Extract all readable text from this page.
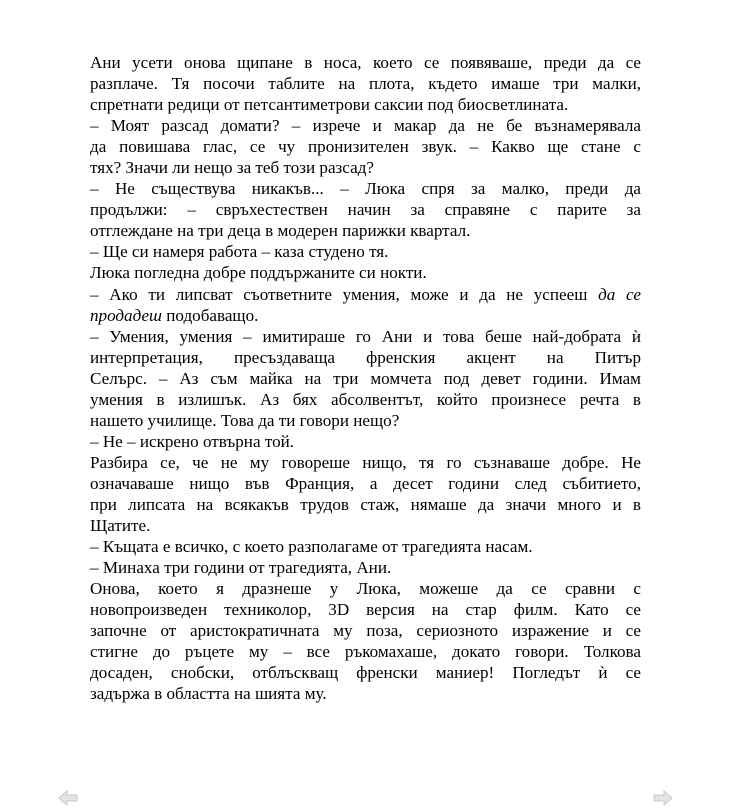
Ани усети онова щипане в носа, което се появяваше, преди да се
разплаче. Тя посочи таблите на плота, където имаше три малки,
спретнати редици от петсантиметрови саксии под биосветлината.
– Моят разсад домати? – изрече и макар да не бе възнамерявала
да повишава глас, се чу пронизителен звук. – Какво ще стане с
тях? Значи ли нещо за теб този разсад?
– Не съществува никакъв... – Люка спря за малко, преди да
продължи: – свръхестествен начин за справяне с парите за
отглеждане на три деца в модерен парижки квартал.
– Ще си намеря работа – каза студено тя.
Люка погледна добре поддържаните си нокти.
– Ако ти липсват съответните умения, може и да не успееш да се
продадеш подобаващо.
– Умения, умения – имитираше го Ани и това беше най-добрата ѝ
интерпретация, пресъздаваща френския акцент на Питър
Селърс. – Аз съм майка на три момчета под девет години. Имам
умения в излишък. Аз бях абсолвентът, който произнесе речта в
нашето училище. Това да ти говори нещо?
– Не – искрено отвърна той.
Разбира се, че не му говореше нищо, тя го съзнаваше добре. Не
означаваше нищо във Франция, а десет години след събитието,
при липсата на всякакъв трудов стаж, нямаше да значи много и в
Щатите.
– Къщата е всичко, с което разполагаме от трагедията насам.
– Минаха три години от трагедията, Ани.
Онова, което я дразнеше у Люка, можеше да се сравни с
новопроизведен техниколор, 3D версия на стар филм. Като се
започне от аристократичната му поза, сериозното изражение и се
стигне до ръцете му – все ръкомахаше, докато говори. Толкова
досаден, снобски, отблъскващ френски маниер! Погледът ѝ се
задържа в областта на шията му.
